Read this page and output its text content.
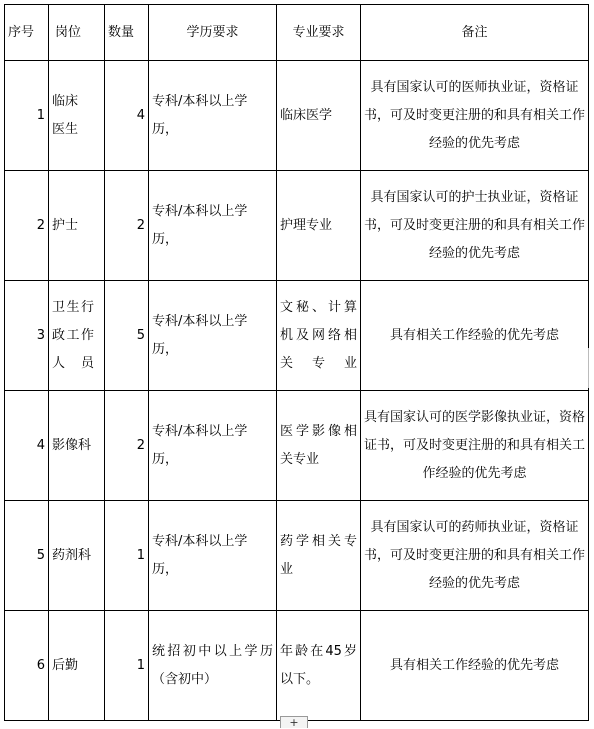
序号	岗位	数量	学历要求	专业要求	备注
1	临床医生	4	专科/本科以上学历，	临床医学	具有国家认可的医师执业证，资格证书，可及时变更注册的和具有相关工作经验的优先考虑
2	护士	2	专科/本科以上学历，	护理专业	具有国家认可的护士执业证，资格证书，可及时变更注册的和具有相关工作经验的优先考虑
3	卫生行政工作人员	5	专科/本科以上学历，	文秘、计算机及网络相关专业	具有相关工作经验的优先考虑
4	影像科	2	专科/本科以上学历，	医学影像相关专业	具有国家认可的医学影像执业证，资格证书，可及时变更注册的和具有相关工作经验的优先考虑
5	药剂科	1	专科/本科以上学历，	药学相关专业	具有国家认可的药师执业证，资格证书，可及时变更注册的和具有相关工作经验的优先考虑
6	后勤	1	统招初中以上学历（含初中）	年龄在45岁以下。	具有相关工作经验的优先考虑
+
